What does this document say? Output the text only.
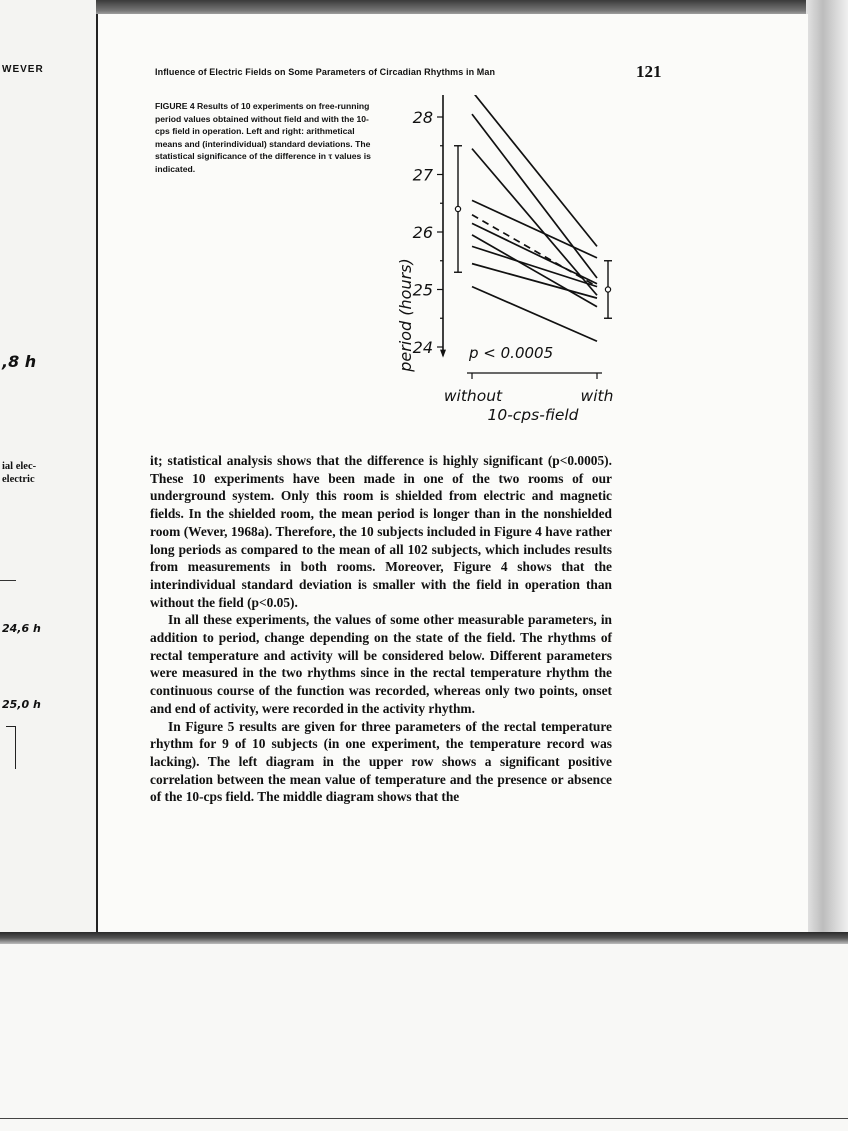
WEVER
,8 h
ial elec-
electric
24,6 h
25,0 h
Influence of Electric Fields on Some Parameters of Circadian Rhythms in Man	121
FIGURE 4 Results of 10 experiments on free-running period values obtained without field and with the 10-cps field in operation. Left and right: arithmetical means and (interindividual) standard deviations. The statistical significance of the difference in τ values is indicated.
24
25
26
27
28
period (hours)	p < 0.0005
without	with
10-cps-field

it; statistical analysis shows that the difference is highly significant (p<0.0005). These 10 experiments have been made in one of the two rooms of our underground system. Only this room is shielded from electric and magnetic fields. In the shielded room, the mean period is longer than in the nonshielded room (Wever, 1968a). Therefore, the 10 subjects included in Figure 4 have rather long periods as compared to the mean of all 102 subjects, which includes results from measurements in both rooms. Moreover, Figure 4 shows that the interindividual standard deviation is smaller with the field in operation than without the field (p<0.05).

In all these experiments, the values of some other measurable parameters, in addition to period, change depending on the state of the field. The rhythms of rectal temperature and activity will be considered below. Different parameters were measured in the two rhythms since in the rectal temperature rhythm the continuous course of the function was recorded, whereas only two points, onset and end of activity, were recorded in the activity rhythm.

In Figure 5 results are given for three parameters of the rectal temperature rhythm for 9 of 10 subjects (in one experiment, the temperature record was lacking). The left diagram in the upper row shows a significant positive correlation between the mean value of temperature and the presence or absence of the 10-cps field. The middle diagram shows that the
